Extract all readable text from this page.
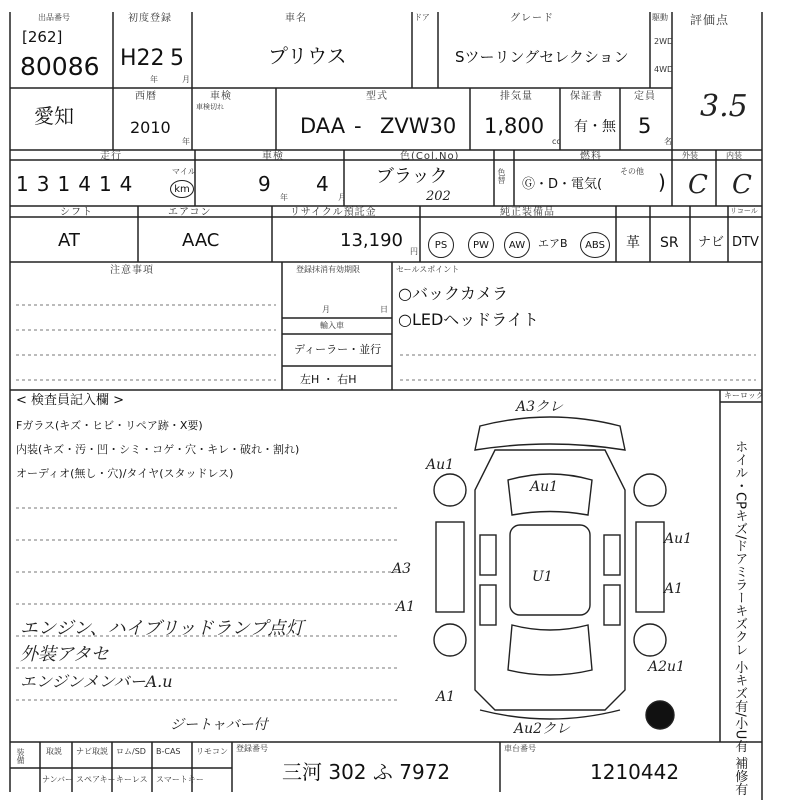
出品番号
[262]
80086
初度登録
H22 5
年	月
車名
プリウス
ドア	グレード
Sツーリングセレクション
駆動
2WD
4WD
評価点
3.5
愛知
西暦
2010
年
車検
車検切れ
型式
DAA - ZVW30
排気量
1,800
cc
保証書
有・無
定員
5
名
走行
1 3 1 4 1 4
マイル
km
車検
9
年
4
月
色(Col.No)
ブラック
202
色替
燃料
Ⓖ・D・電気(
その他 )
外装	内装
C C
シフト
AT
エアコン
AAC
リサイクル預託金
13,190
円
純正装備品	リコール
PS	PW	AW	エアB	ABS	革 SR ナビ DTV
注意事項	登録抹消有効期限
月	日
輸入車
ディーラー・並行
左H ・ 右H
セールスポイント
○バックカメラ
○LEDヘッドライト
< 検査員記入欄 >
Fガラス(キズ・ヒビ・リペア跡・X要)
内装(キズ・汚・凹・シミ・コゲ・穴・キレ・破れ・割れ)
オーディオ(無し・穴)/タイヤ(スタッドレス)
エンジン、ハイブリッドランプ点灯
外装アタセ
エンジンメンバーA.u
ジートャバー付
キーロック
ホイル・CPキズ/ドアミラーキズクレ 小キズ有/小U有 補修有
A3クレ
Au1
Au1
Au1
U1
A3
A1
A1
A2u1
A1
Au2クレ
装備	取説 ナビ取説 ロム/SD B-CAS リモコン
ナンバー スペアキー キーレス スマートキー
登録番号
三河 302 ふ 7972
車台番号
1210442
